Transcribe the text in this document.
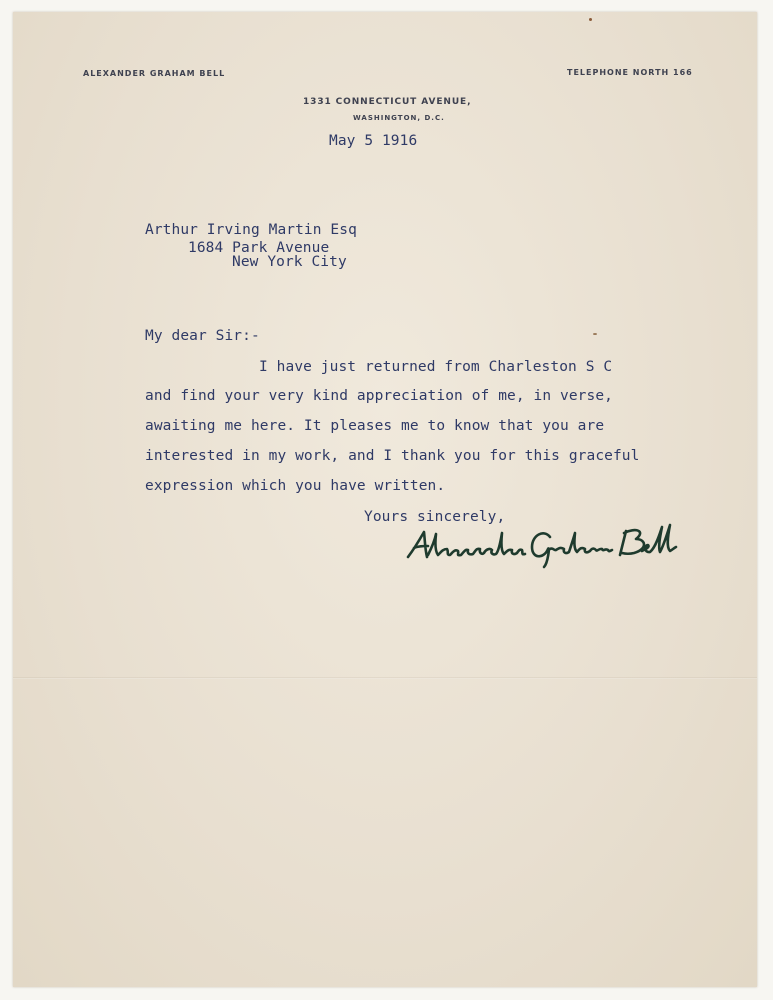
ALEXANDER GRAHAM BELL	TELEPHONE NORTH 166
1331 CONNECTICUT AVENUE,
WASHINGTON, D.C.
May 5 1916
Arthur Irving Martin Esq
1684 Park Avenue
New York City
My dear Sir:-
I have just returned from Charleston S C
and find your very kind appreciation of me, in verse,
awaiting me here. It pleases me to know that you are
interested in my work, and I thank you for this graceful
expression which you have written.
Yours sincerely,
